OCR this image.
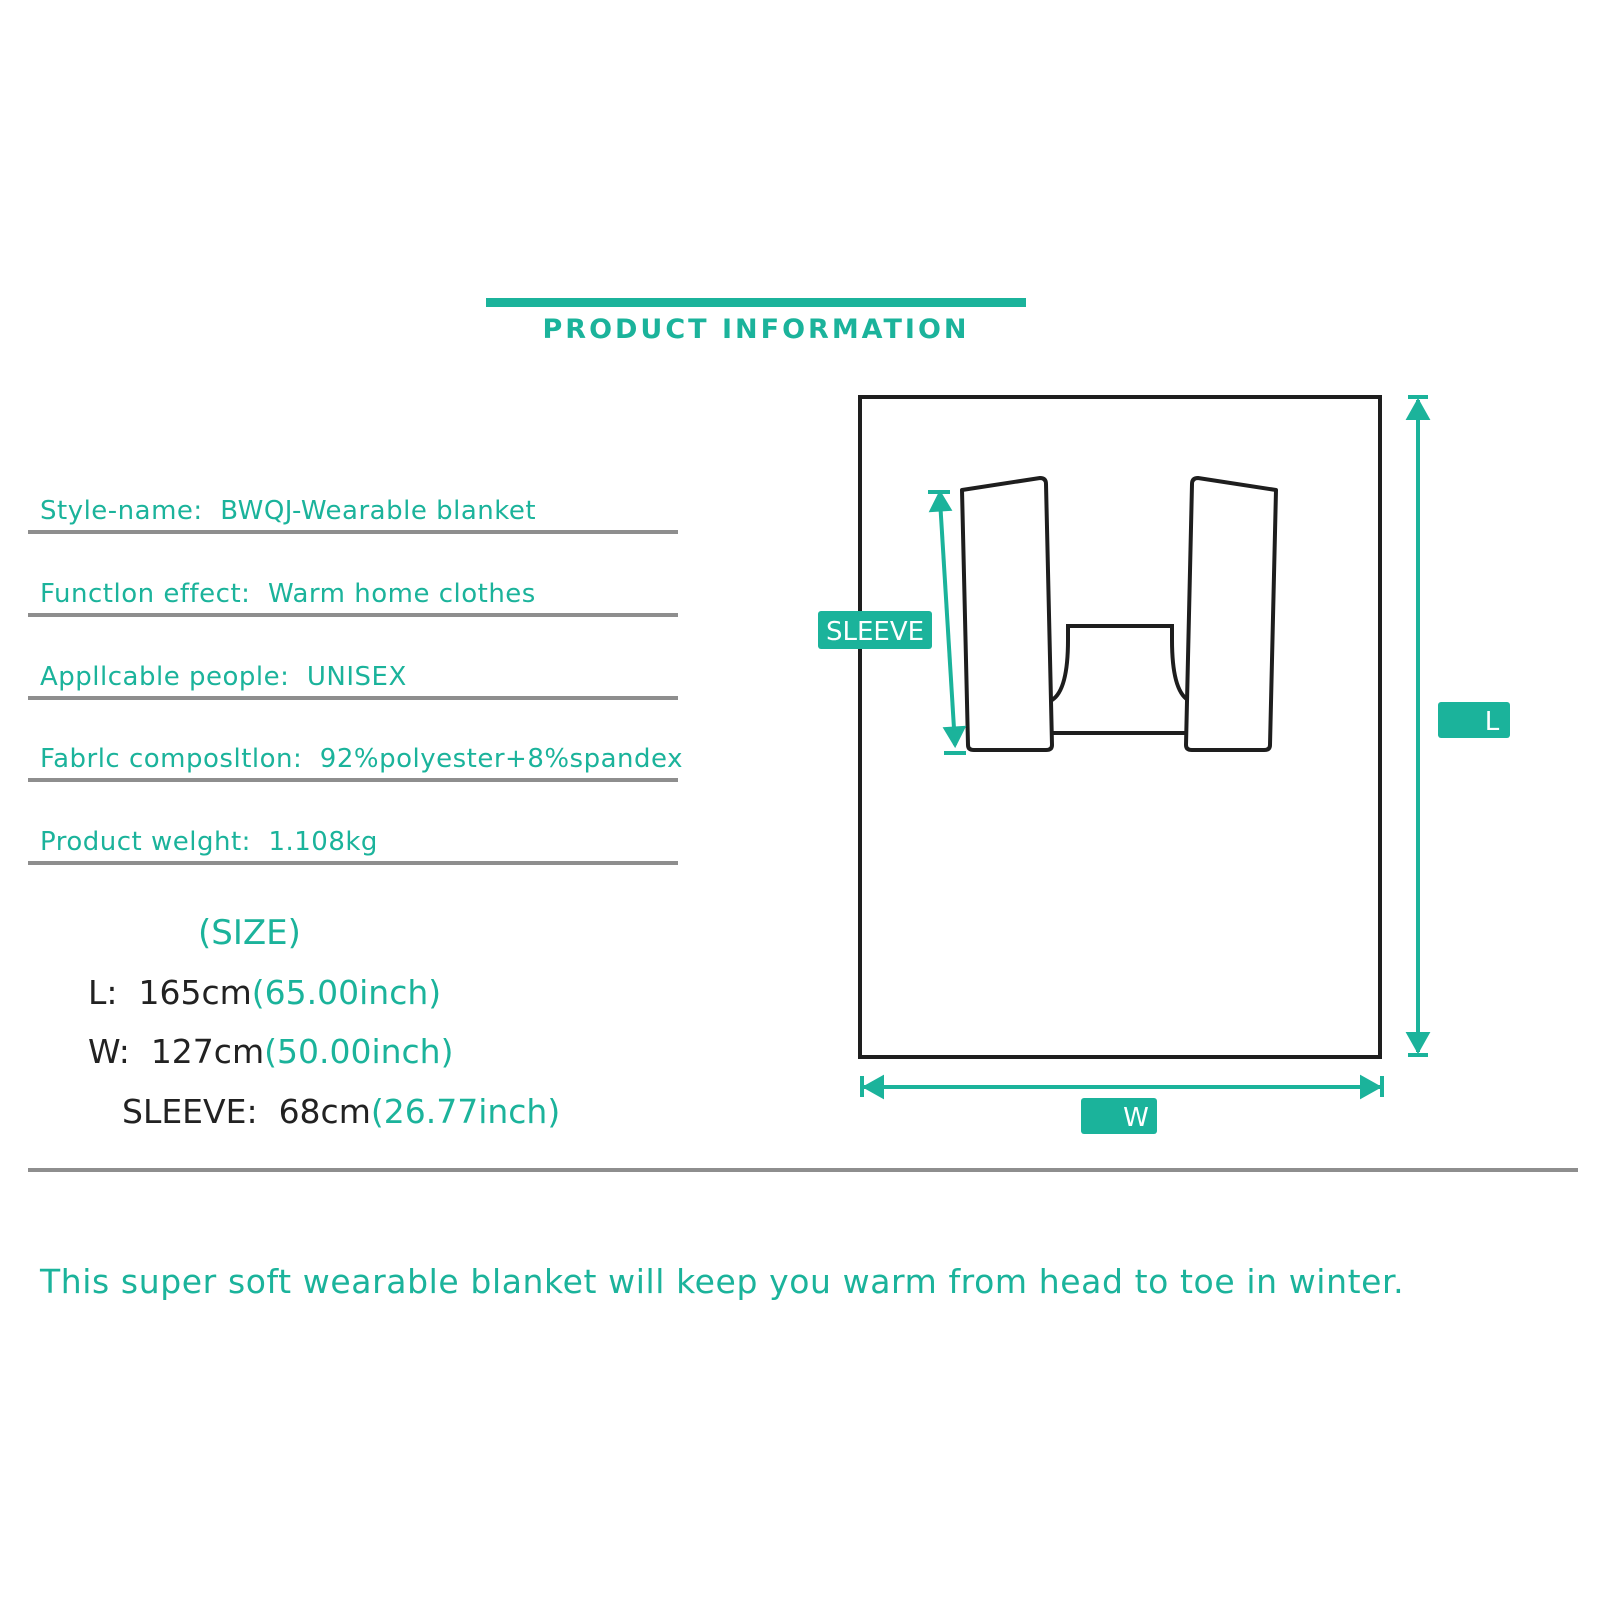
PRODUCT INFORMATION
Style-name: BWQJ-Wearable blanket
Functlon effect: Warm home clothes
Appllcable people: UNISEX
Fabrlc composltlon: 92%polyester+8%spandex
Product welght: 1.108kg
(SIZE)
L: 165cm(65.00inch)
W: 127cm(50.00inch)
SLEEVE: 68cm(26.77inch)
SLEEVE
L
W
This super soft wearable blanket will keep you warm from head to toe in winter.
